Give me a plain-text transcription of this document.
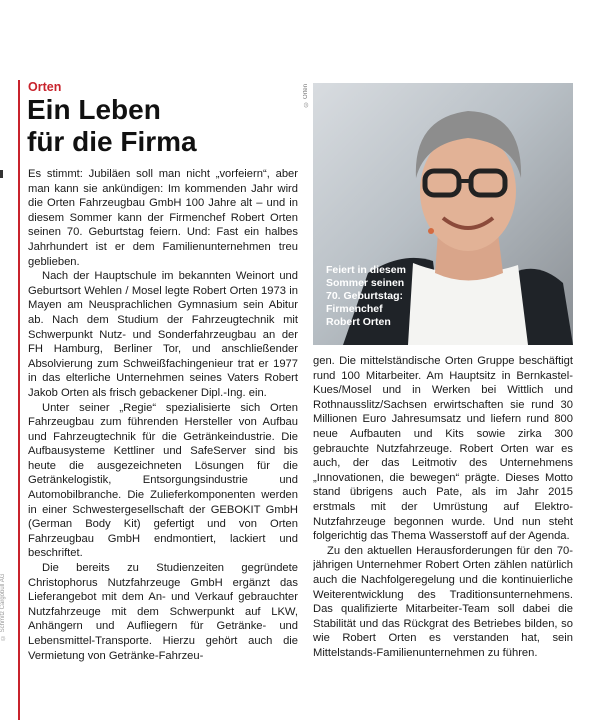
© Schmitz Cargobull AG
Orten
Ein Leben
für die Firma
© Orten
Feiert in diesem
Sommer seinen
70. Geburtstag:
Firmenchef
Robert Orten

Es stimmt: Jubiläen soll man nicht „vorfeiern“, aber man kann sie ankündigen: Im kommenden Jahr wird die Orten Fahrzeugbau GmbH 100 Jahre alt – und in diesem Sommer kann der Firmenchef Robert Orten seinen 70. Geburtstag feiern. Und: Fast ein halbes Jahrhundert ist er dem Familienunternehmen treu geblieben.

Nach der Hauptschule im bekannten Weinort und Geburtsort Wehlen / Mosel legte Robert Orten 1973 in Mayen am Neusprachlichen Gymnasium sein Abitur ab. Nach dem Studium der Fahrzeugtechnik mit Schwerpunkt Nutz- und Sonderfahrzeugbau an der FH Hamburg, Berliner Tor, und anschließender Absolvierung zum Schweißfachingenieur trat er 1977 in das elterliche Unternehmen seines Vaters Robert Jakob Orten als frisch gebackener Dipl.-Ing. ein.

Unter seiner „Regie“ spezialisierte sich Orten Fahrzeugbau zum führenden Hersteller von Aufbau und Fahrzeugtechnik für die Getränkeindustrie. Die Aufbausysteme Kettliner und SafeServer sind bis heute die ausgezeichneten Lösungen für die Getränkelogistik, Entsorgungsindustrie und Automobilbranche. Die Zulieferkomponenten werden in einer Schwestergesellschaft der GEBOKIT GmbH (German Body Kit) gefertigt und von Orten Fahrzeugbau GmbH endmontiert, lackiert und beschriftet.

Die bereits zu Studienzeiten gegründete Christophorus Nutzfahrzeuge GmbH ergänzt das Lieferangebot mit dem An- und Verkauf gebrauchter Nutzfahrzeuge mit dem Schwerpunkt auf LKW, Anhängern und Aufliegern für Getränke- und Lebensmittel-Transporte. Hierzu gehört auch die Vermietung von Getränke-Fahrzeu-

gen. Die mittelständische Orten Gruppe beschäftigt rund 100 Mitarbeiter. Am Hauptsitz in Bernkastel-Kues/Mosel und in Werken bei Wittlich und Rothnausslitz/Sachsen erwirtschaften sie rund 30 Millionen Euro Jahresumsatz und liefern rund 800 neue Aufbauten und Kits sowie zirka 300 gebrauchte Nutzfahrzeuge. Robert Orten war es auch, der das Leitmotiv des Unternehmens „Innovationen, die bewegen“ prägte. Dieses Motto stand übrigens auch Pate, als im Jahr 2015 erstmals mit der Umrüstung auf Elektro-Nutzfahrzeuge begonnen wurde. Und nun steht folgerichtig das Thema Wasserstoff auf der Agenda.

Zu den aktuellen Herausforderungen für den 70-jährigen Unternehmer Robert Orten zählen natürlich auch die Nachfolgeregelung und die kontinuierliche Weiterentwicklung des Traditionsunternehmens. Das qualifizierte Mitarbeiter-Team soll dabei die Stabilität und das Rückgrat des Betriebes bilden, so wie Robert Orten es verstanden hat, sein Mittelstands-Familienunternehmen zu führen.
